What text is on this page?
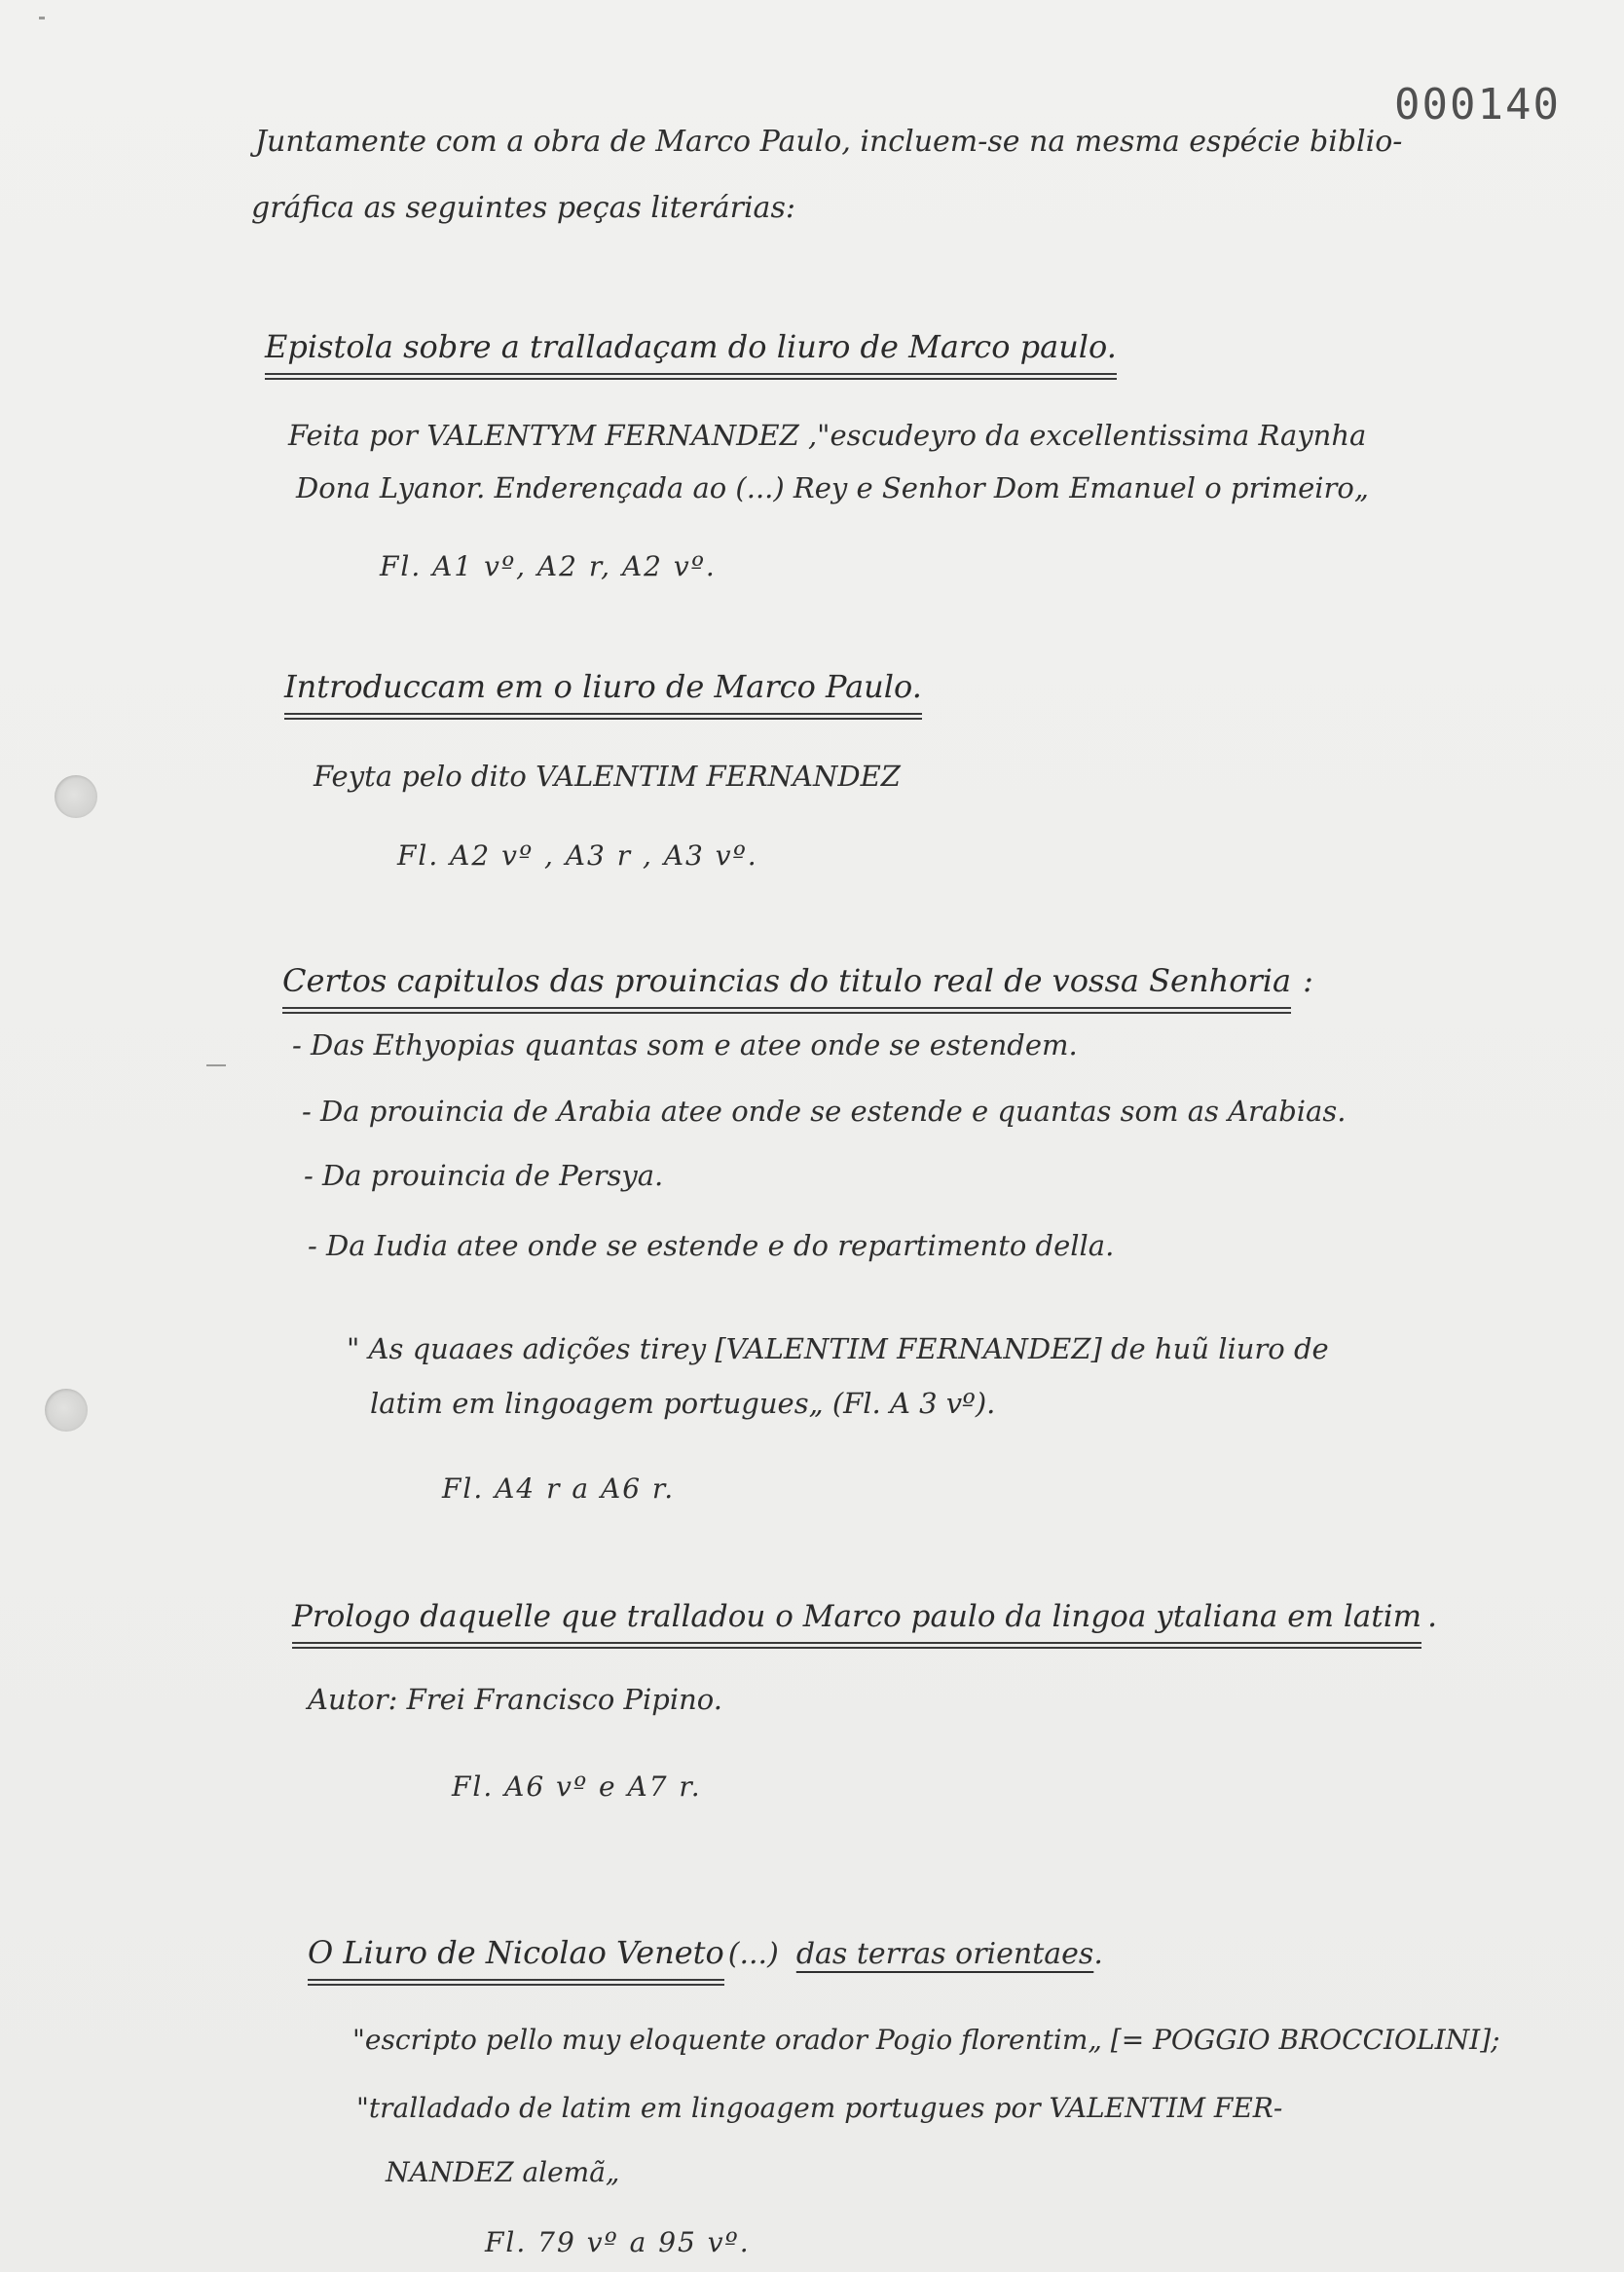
000140
Juntamente com a obra de Marco Paulo, incluem-se na mesma espécie biblio-
gráfica as seguintes peças literárias:
Epistola sobre a tralladaçam do liuro de Marco paulo.
Feita por VALENTYM FERNANDEZ ,"escudeyro da excellentissima Raynha
Dona Lyanor. Enderençada ao (...) Rey e Senhor Dom Emanuel o primeiro„
Fl. A1 vº, A2 r, A2 vº.
Introduccam em o liuro de Marco Paulo.
Feyta pelo dito VALENTIM FERNANDEZ
Fl. A2 vº , A3 r , A3 vº.
Certos capitulos das prouincias do titulo real de vossa Senhoria :
- Das Ethyopias quantas som e atee onde se estendem.
- Da prouincia de Arabia atee onde se estende e quantas som as Arabias.
- Da prouincia de Persya.
- Da Iudia atee onde se estende e do repartimento della.
" As quaaes adições tirey [VALENTIM FERNANDEZ] de huũ liuro de
latim em lingoagem portugues„ (Fl. A 3 vº).
Fl. A4 r a A6 r.
Prologo daquelle que tralladou o Marco paulo da lingoa ytaliana em latim .
Autor: Frei Francisco Pipino.
Fl. A6 vº e A7 r.
O Liuro de Nicolao Veneto (...) das terras orientaes.
"escripto pello muy eloquente orador Pogio florentim„ [= POGGIO BROCCIOLINI];
"tralladado de latim em lingoagem portugues por VALENTIM FER-
NANDEZ alemã„
Fl. 79 vº a 95 vº.
